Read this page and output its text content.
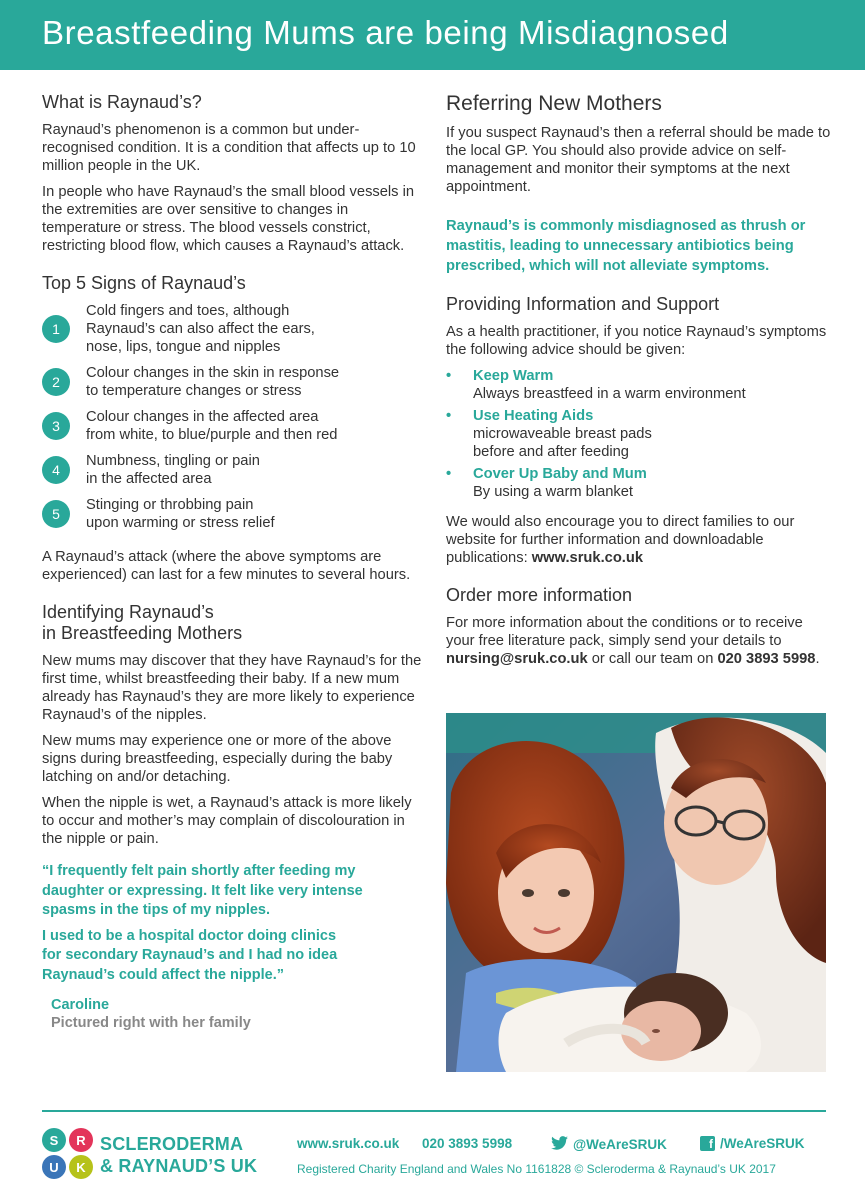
Breastfeeding Mums are being Misdiagnosed
What is Raynaud’s?

Raynaud’s phenomenon is a common but under-recognised condition. It is a condition that affects up to 10 million people in the UK.

In people who have Raynaud’s the small blood vessels in the extremities are over sensitive to changes in temperature or stress. The blood vessels constrict, restricting blood flow, which causes a Raynaud’s attack.

Top 5 Signs of Raynaud’s
1
Cold fingers and toes, although
Raynaud’s can also affect the ears,
nose, lips, tongue and nipples
2
Colour changes in the skin in response
to temperature changes or stress
3
Colour changes in the affected area
from white, to blue/purple and then red
4
Numbness, tingling or pain
in the affected area
5
Stinging or throbbing pain
upon warming or stress relief

A Raynaud’s attack (where the above symptoms are experienced) can last for a few minutes to several hours.

Identifying Raynaud’s
in Breastfeeding Mothers

New mums may discover that they have Raynaud’s for the first time, whilst breastfeeding their baby. If a new mum already has Raynaud’s they are more likely to experience Raynaud’s of the nipples.

New mums may experience one or more of the above signs during breastfeeding, especially during the baby latching on and/or detaching.

When the nipple is wet, a Raynaud’s attack is more likely to occur and mother’s may complain of discolouration in the nipple or pain.

“I frequently felt pain shortly after feeding my
daughter or expressing. It felt like very intense
spasms in the tips of my nipples.
I used to be a hospital doctor doing clinics
for secondary Raynaud’s and I had no idea
Raynaud’s could affect the nipple.”
Caroline
Pictured right with her family
Referring New Mothers

If you suspect Raynaud’s then a referral should be made to the local GP. You should also provide advice on self-management and monitor their symptoms at the next appointment.

Raynaud’s is commonly misdiagnosed as thrush or mastitis, leading to unnecessary antibiotics being prescribed, which will not alleviate symptoms.

Providing Information and Support

As a health practitioner, if you notice Raynaud’s symptoms the following advice should be given:

•	Keep Warm
Always breastfeed in a warm environment
•	Use Heating Aids
microwaveable breast pads
before and after feeding
•	Cover Up Baby and Mum
By using a warm blanket

We would also encourage you to direct families to our website for further information and downloadable publications: www.sruk.co.uk

Order more information

For more information about the conditions or to receive your free literature pack, simply send your details to nursing@sruk.co.uk or call our team on 020 3893 5998.

S	R
U	K
SCLERODERMA
& RAYNAUD’S UK
www.sruk.co.uk 020 3893 5998	@WeAreSRUK	f /WeAreSRUK
Registered Charity England and Wales No 1161828 © Scleroderma & Raynaud’s UK 2017
